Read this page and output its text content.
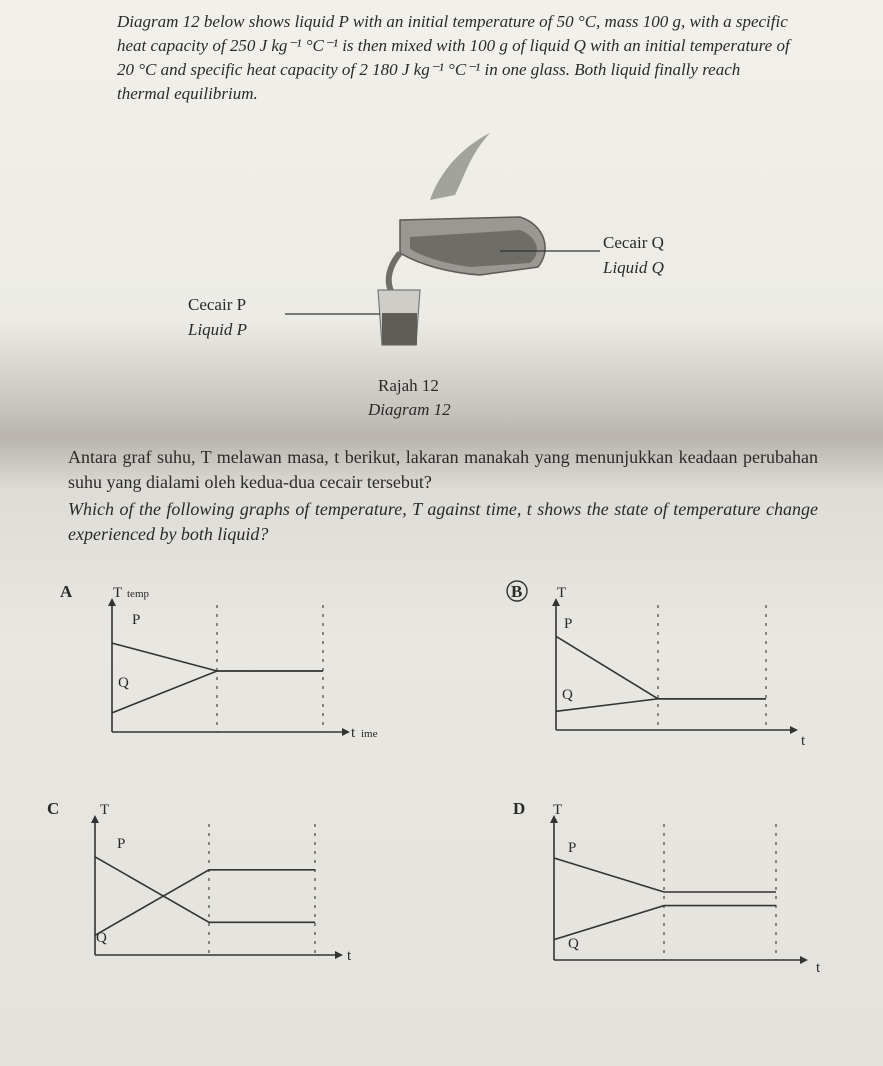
Diagram 12 below shows liquid P with an initial temperature of 50 °C, mass 100 g, with a specific heat capacity of 250 J kg⁻¹ °C⁻¹ is then mixed with 100 g of liquid Q with an initial temperature of 20 °C and specific heat capacity of 2 180 J kg⁻¹ °C⁻¹ in one glass. Both liquid finally reach thermal equilibrium.
Cecair Q
Liquid Q
Cecair P
Liquid P
Rajah 12
Diagram 12
Antara graf suhu, T melawan masa, t berikut, lakaran manakah yang menunjukkan keadaan perubahan suhu yang dialami oleh kedua-dua cecair tersebut?
Which of the following graphs of temperature, T against time, t shows the state of temperature change experienced by both liquid?
A	T temp
t ime
P
Q
B T
t
P
Q
C	T
t
P
Q
D T
t
P
Q
